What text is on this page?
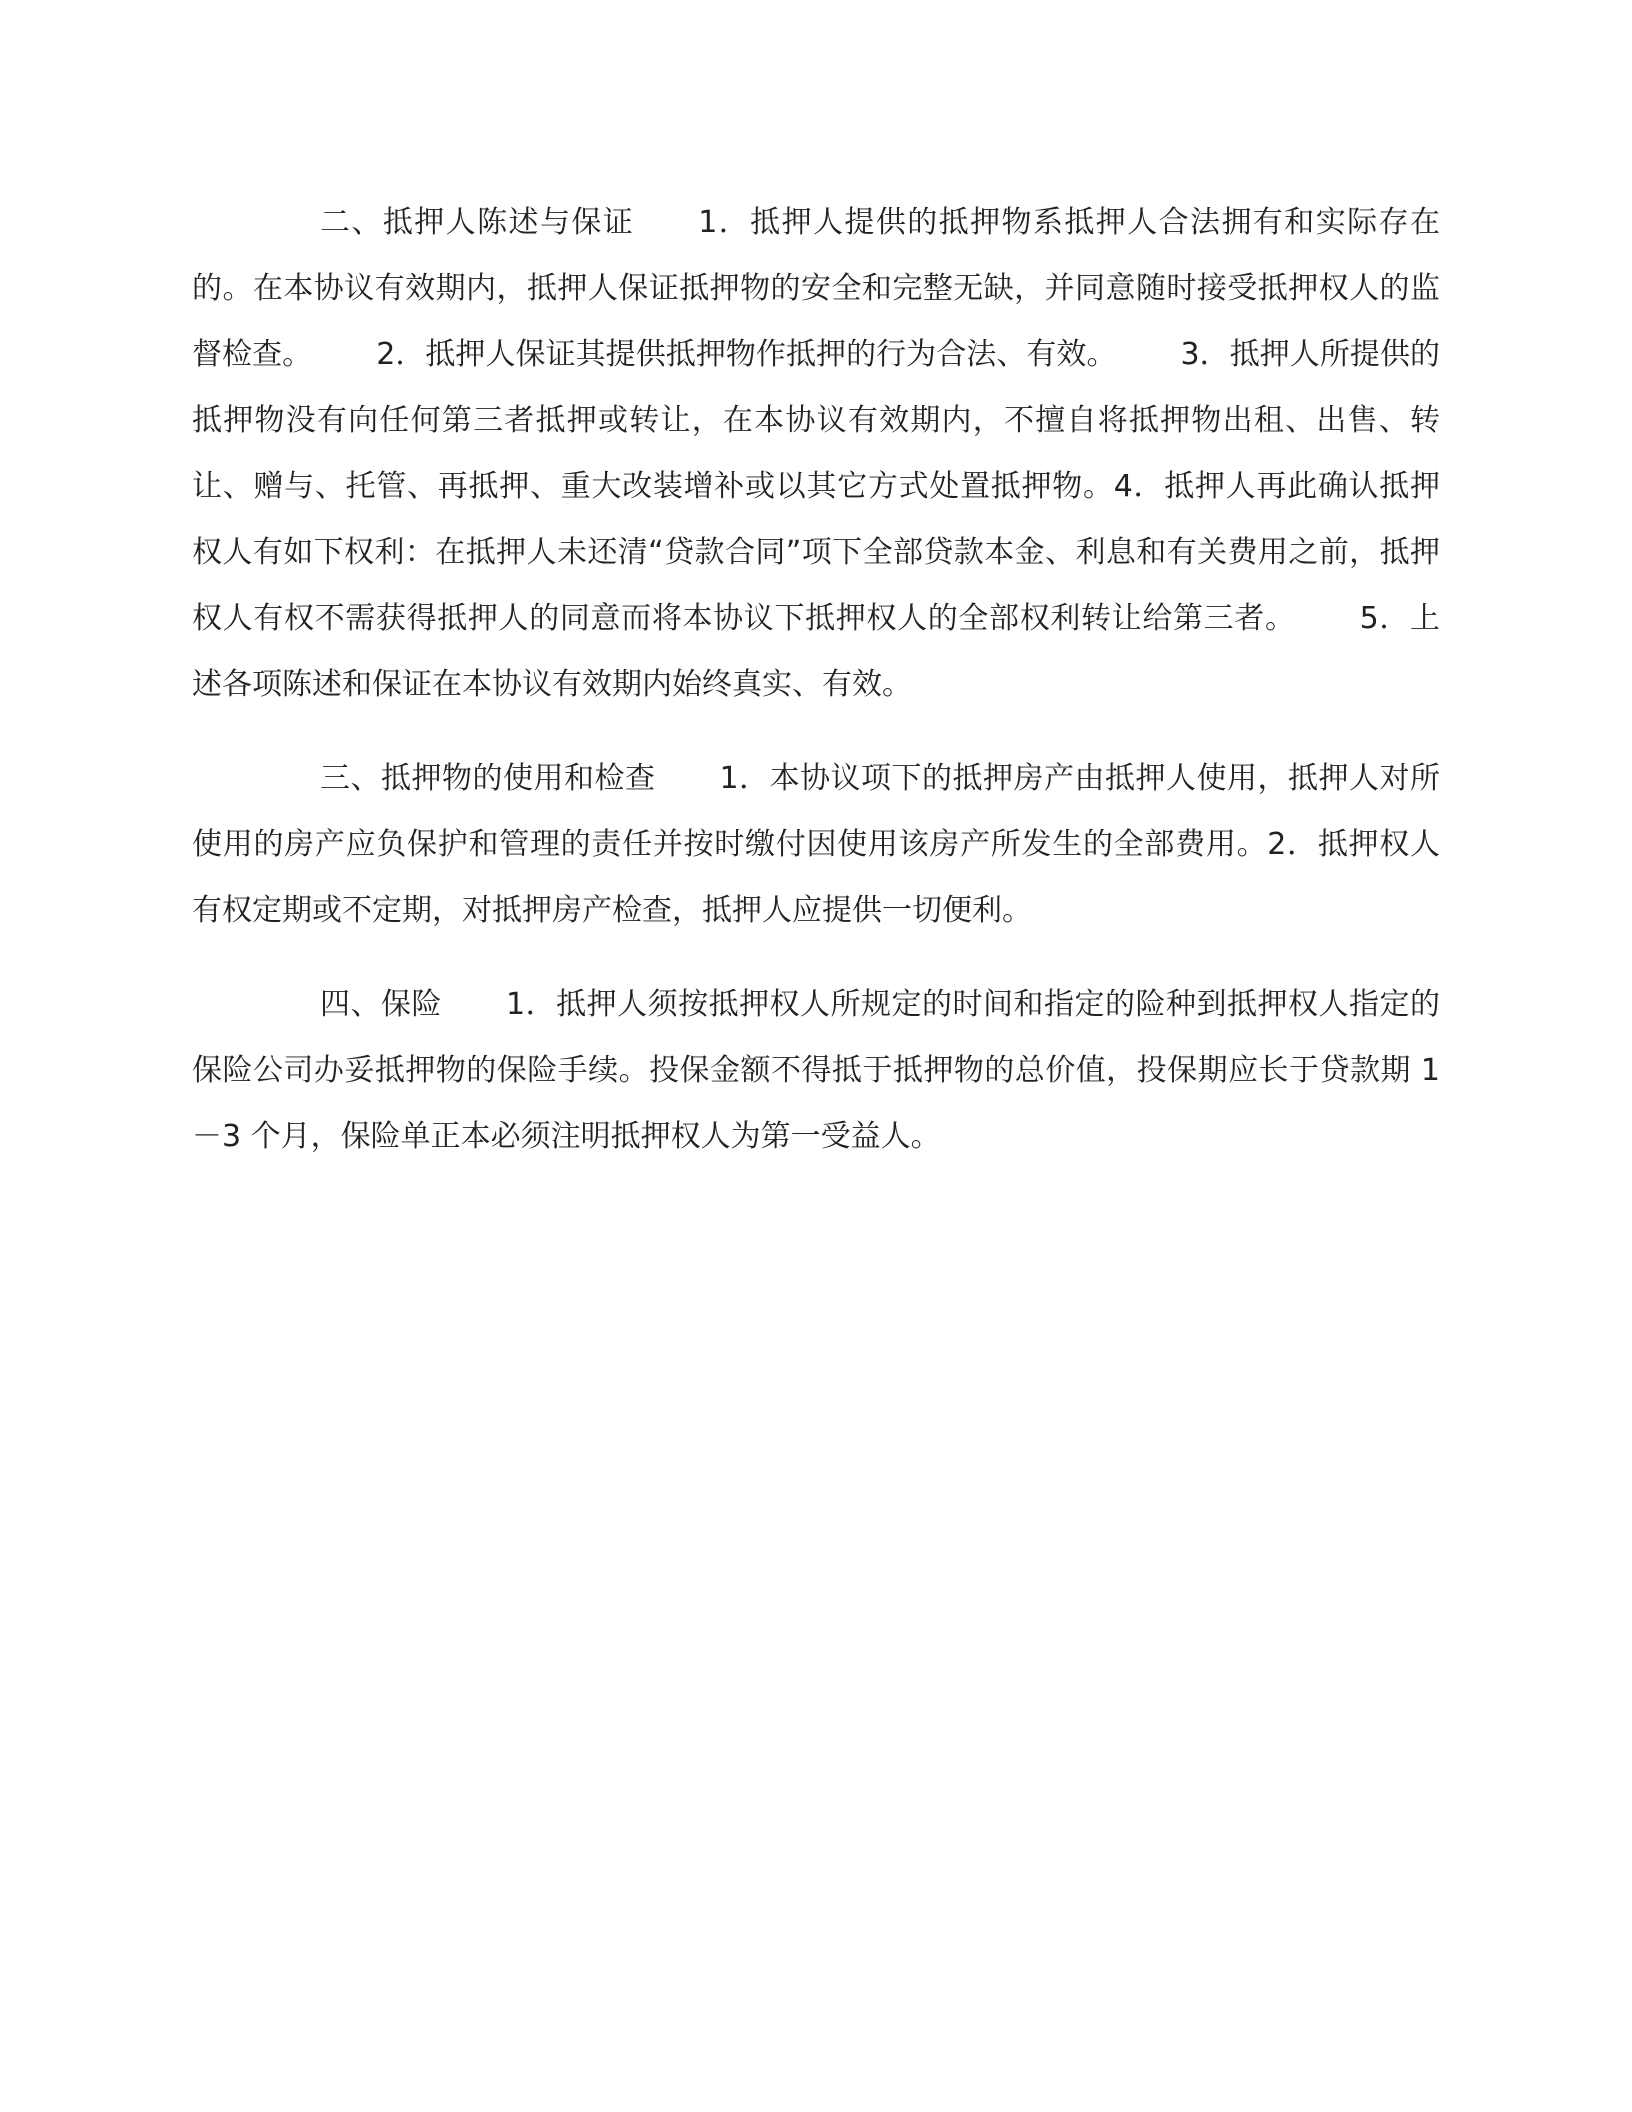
二、抵押人陈述与保证 1．抵押人提供的抵押物系抵押人合法拥有和实际存在的。在本协议有效期内，抵押人保证抵押物的安全和完整无缺，并同意随时接受抵押权人的监督检查。 2．抵押人保证其提供抵押物作抵押的行为合法、有效。 3．抵押人所提供的抵押物没有向任何第三者抵押或转让，在本协议有效期内，不擅自将抵押物出租、出售、转让、赠与、托管、再抵押、重大改装增补或以其它方式处置抵押物。4．抵押人再此确认抵押权人有如下权利：在抵押人未还清“贷款合同”项下全部贷款本金、利息和有关费用之前，抵押权人有权不需获得抵押人的同意而将本协议下抵押权人的全部权利转让给第三者。 5．上述各项陈述和保证在本协议有效期内始终真实、有效。

三、抵押物的使用和检查 1．本协议项下的抵押房产由抵押人使用，抵押人对所使用的房产应负保护和管理的责任并按时缴付因使用该房产所发生的全部费用。2．抵押权人有权定期或不定期，对抵押房产检查，抵押人应提供一切便利。

四、保险 1．抵押人须按抵押权人所规定的时间和指定的险种到抵押权人指定的保险公司办妥抵押物的保险手续。投保金额不得抵于抵押物的总价值，投保期应长于贷款期 1－3 个月，保险单正本必须注明抵押权人为第一受益人。
